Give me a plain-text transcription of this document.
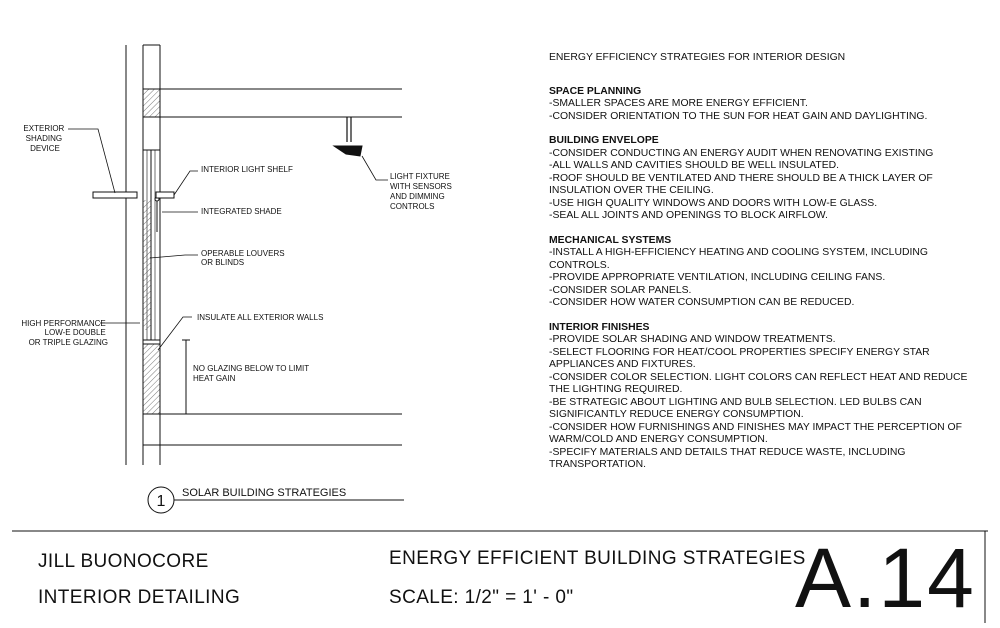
EXTERIOR SHADING DEVICE
INTERIOR LIGHT SHELF
INTEGRATED SHADE
OPERABLE LOUVERS OR BLINDS
INSULATE ALL EXTERIOR WALLS
HIGH PERFORMANCE LOW-E DOUBLE OR TRIPLE GLAZING
NO GLAZING BELOW TO LIMIT HEAT GAIN
LIGHT FIXTURE WITH SENSORS AND DIMMING CONTROLS
1 SOLAR BUILDING STRATEGIES
ENERGY EFFICIENCY STRATEGIES FOR INTERIOR DESIGN
SPACE PLANNING
-SMALLER SPACES ARE MORE ENERGY EFFICIENT.
-CONSIDER ORIENTATION TO THE SUN FOR HEAT GAIN AND DAYLIGHTING.
BUILDING ENVELOPE
-CONSIDER CONDUCTING AN ENERGY AUDIT WHEN RENOVATING EXISTING
-ALL WALLS AND CAVITIES SHOULD BE WELL INSULATED.
-ROOF SHOULD BE VENTILATED AND THERE SHOULD BE A THICK LAYER OF INSULATION OVER THE CEILING.
-USE HIGH QUALITY WINDOWS AND DOORS WITH LOW-E GLASS.
-SEAL ALL JOINTS AND OPENINGS TO BLOCK AIRFLOW.
MECHANICAL SYSTEMS
-INSTALL A HIGH-EFFICIENCY HEATING AND COOLING SYSTEM, INCLUDING CONTROLS.
-PROVIDE APPROPRIATE VENTILATION, INCLUDING CEILING FANS.
-CONSIDER SOLAR PANELS.
-CONSIDER HOW WATER CONSUMPTION CAN BE REDUCED.
INTERIOR FINISHES
-PROVIDE SOLAR SHADING AND WINDOW TREATMENTS.
-SELECT FLOORING FOR HEAT/COOL PROPERTIES SPECIFY ENERGY STAR APPLIANCES AND FIXTURES.
-CONSIDER COLOR SELECTION. LIGHT COLORS CAN REFLECT HEAT AND REDUCE THE LIGHTING REQUIRED.
-BE STRATEGIC ABOUT LIGHTING AND BULB SELECTION. LED BULBS CAN SIGNIFICANTLY REDUCE ENERGY CONSUMPTION.
-CONSIDER HOW FURNISHINGS AND FINISHES MAY IMPACT THE PERCEPTION OF WARM/COLD AND ENERGY CONSUMPTION.
-SPECIFY MATERIALS AND DETAILS THAT REDUCE WASTE, INCLUDING TRANSPORTATION.
JILL BUONOCORE
INTERIOR DETAILING
ENERGY EFFICIENT BUILDING STRATEGIES
SCALE: 1/2" = 1' - 0"	A.14
